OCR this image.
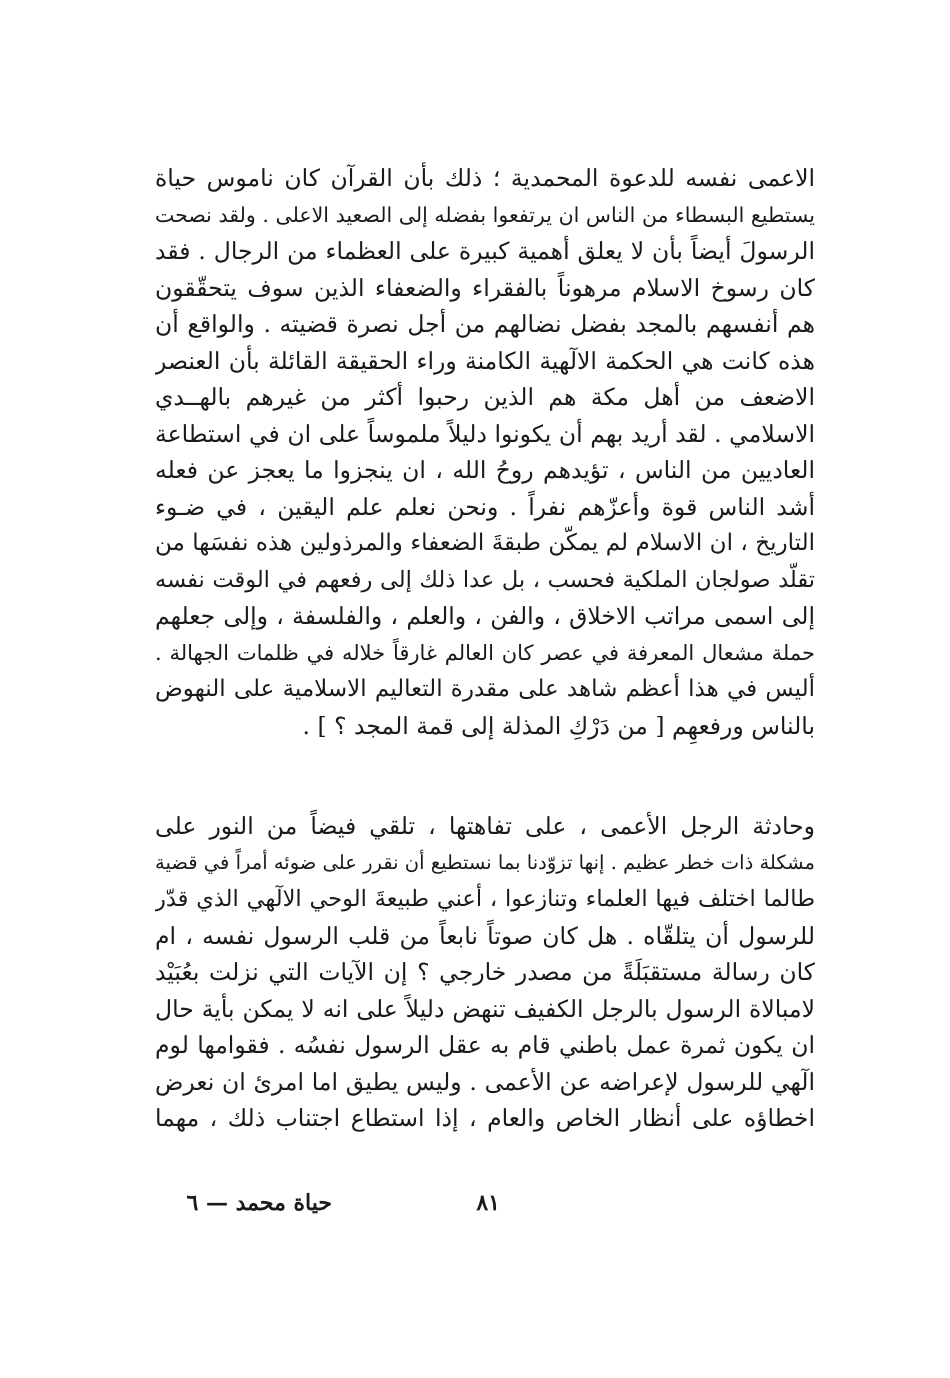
الاعمى نفسه للدعوة المحمدية ؛ ذلك بأن القرآن كان ناموس حياة
يستطيع البسطاء من الناس ان يرتفعوا بفضله إلى الصعيد الاعلى . ولقد نصحت
الرسولَ أيضاً بأن لا يعلق أهمية كبيرة على العظماء من الرجال . فقد
كان رسوخ الاسلام مرهوناً بالفقراء والضعفاء الذين سوف يتحقّقون
هم أنفسهم بالمجد بفضل نضالهم من أجل نصرة قضيته . والواقع أن
هذه كانت هي الحكمة الالٓهية الكامنة وراء الحقيقة القائلة بأن العنصر
الاضعف من أهل مكة هم الذين رحبوا أكثر من غيرهم بالهــدي
الاسلامي . لقد أريد بهم أن يكونوا دليلاً ملموساً على ان في استطاعة
العاديين من الناس ، تؤيدهم روحُ الله ، ان ينجزوا ما يعجز عن فعله
أشد الناس قوة وأعزّهم نفراً . ونحن نعلم علم اليقين ، في ضـوء
التاريخ ، ان الاسلام لم يمكّن طبقةَ الضعفاء والمرذولين هذه نفسَها من
تقلّد صولجان الملكية فحسب ، بل عدا ذلك إلى رفعهم في الوقت نفسه
إلى اسمى مراتب الاخلاق ، والفن ، والعلم ، والفلسفة ، وإلى جعلهم
حملة مشعال المعرفة في عصر كان العالم غارقاً خلاله في ظلمات الجهالة .
أليس في هذا أعظم شاهد على مقدرة التعاليم الاسلامية على النهوض
بالناس ورفعهِم [ من دَرْكِ المذلة إلى قمة المجد ؟ ] .
وحادثة الرجل الأعمى ، على تفاهتها ، تلقي فيضاً من النور على
مشكلة ذات خطر عظيم . إنها تزوّدنا بما نستطيع أن نقرر على ضوئه أمراً في قضية
طالما اختلف فيها العلماء وتنازعوا ، أعني طبيعةَ الوحي الالٓهي الذي قدّر
للرسول أن يتلقّاه . هل كان صوتاً نابعاً من قلب الرسول نفسه ، ام
كان رسالة مستقبَلَةً من مصدر خارجي ؟ إن الآيات التي نزلت بعُبَيْد
لامبالاة الرسول بالرجل الكفيف تنهض دليلاً على انه لا يمكن بأية حال
ان يكون ثمرة عمل باطني قام به عقل الرسول نفسُه . فقوامها لوم
الٓهي للرسول لإعراضه عن الأعمى . وليس يطيق اما امرئ ان نعرض
اخطاؤه على أنظار الخاص والعام ، إذا استطاع اجتناب ذلك ، مهما
٨١
حياة محمد — ٦
